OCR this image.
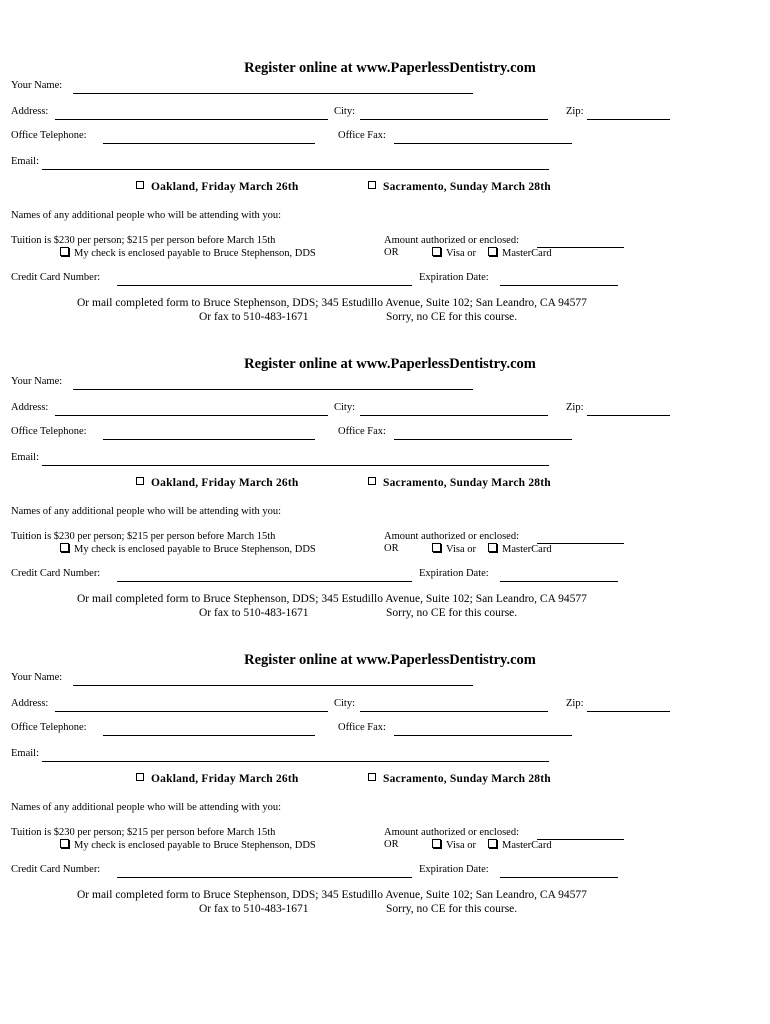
Register online at www.PaperlessDentistry.com
Your Name:
Address:	City:	Zip:
Office Telephone:	Office Fax:
Email:
Oakland, Friday March 26th	Sacramento, Sunday March 28th
Names of any additional people who will be attending with you:
Tuition is $230 per person; $215 per person before March 15th
My check is enclosed payable to Bruce Stephenson, DDS
Amount authorized or enclosed:
OR	Visa or	MasterCard
Credit Card Number:	Expiration Date:
Or mail completed form to Bruce Stephenson, DDS; 345 Estudillo Avenue, Suite 102; San Leandro, CA 94577
Or fax to 510-483-1671	Sorry, no CE for this course.
Register online at www.PaperlessDentistry.com
Your Name:
Address:	City:	Zip:
Office Telephone:	Office Fax:
Email:
Oakland, Friday March 26th	Sacramento, Sunday March 28th
Names of any additional people who will be attending with you:
Tuition is $230 per person; $215 per person before March 15th
My check is enclosed payable to Bruce Stephenson, DDS
Amount authorized or enclosed:
OR	Visa or	MasterCard
Credit Card Number:	Expiration Date:
Or mail completed form to Bruce Stephenson, DDS; 345 Estudillo Avenue, Suite 102; San Leandro, CA 94577
Or fax to 510-483-1671	Sorry, no CE for this course.
Register online at www.PaperlessDentistry.com
Your Name:
Address:	City:	Zip:
Office Telephone:	Office Fax:
Email:
Oakland, Friday March 26th	Sacramento, Sunday March 28th
Names of any additional people who will be attending with you:
Tuition is $230 per person; $215 per person before March 15th
My check is enclosed payable to Bruce Stephenson, DDS
Amount authorized or enclosed:
OR	Visa or	MasterCard
Credit Card Number:	Expiration Date:
Or mail completed form to Bruce Stephenson, DDS; 345 Estudillo Avenue, Suite 102; San Leandro, CA 94577
Or fax to 510-483-1671	Sorry, no CE for this course.
